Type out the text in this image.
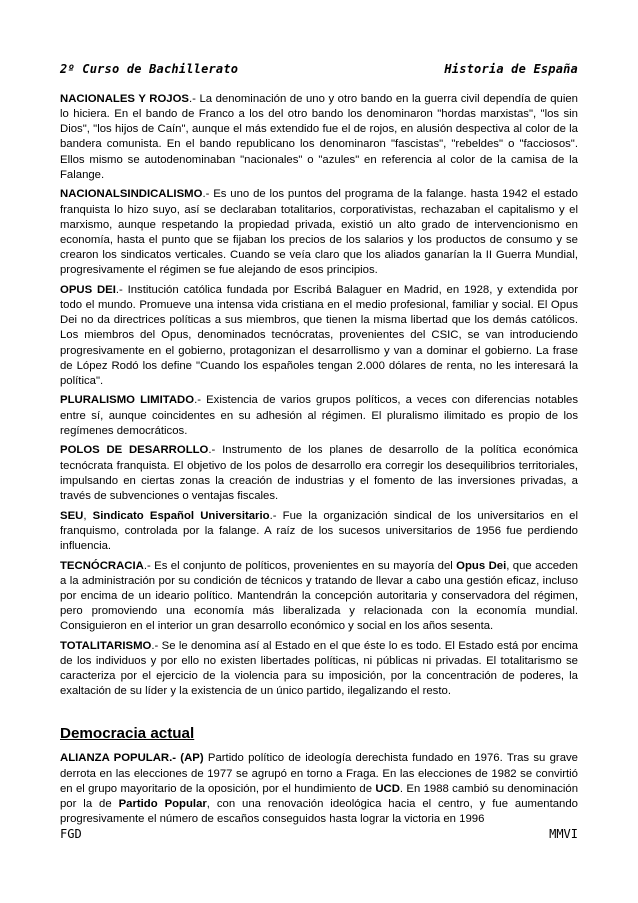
2º Curso de Bachillerato	Historia de España

NACIONALES Y ROJOS.- La denominación de uno y otro bando en la guerra civil dependía de quien lo hiciera. En el bando de Franco a los del otro bando los denominaron "hordas marxistas", "los sin Dios", "los hijos de Caín", aunque el más extendido fue el de rojos, en alusión despectiva al color de la bandera comunista. En el bando republicano los denominaron "fascistas", "rebeldes" o "facciosos". Ellos mismo se autodenominaban "nacionales" o "azules" en referencia al color de la camisa de la Falange.

NACIONALSINDICALISMO.- Es uno de los puntos del programa de la falange. hasta 1942 el estado franquista lo hizo suyo, así se declaraban totalitarios, corporativistas, rechazaban el capitalismo y el marxismo, aunque respetando la propiedad privada, existió un alto grado de intervencionismo en economía, hasta el punto que se fijaban los precios de los salarios y los productos de consumo y se crearon los sindicatos verticales. Cuando se veía claro que los aliados ganarían la II Guerra Mundial, progresivamente el régimen se fue alejando de esos principios.

OPUS DEI.- Institución católica fundada por Escribá Balaguer en Madrid, en 1928, y extendida por todo el mundo. Promueve una intensa vida cristiana en el medio profesional, familiar y social. El Opus Dei no da directrices políticas a sus miembros, que tienen la misma libertad que los demás católicos. Los miembros del Opus, denominados tecnócratas, provenientes del CSIC, se van introduciendo progresivamente en el gobierno, protagonizan el desarrollismo y van a dominar el gobierno. La frase de López Rodó los define "Cuando los españoles tengan 2.000 dólares de renta, no les interesará la política".

PLURALISMO LIMITADO.- Existencia de varios grupos políticos, a veces con diferencias notables entre sí, aunque coincidentes en su adhesión al régimen. El pluralismo ilimitado es propio de los regímenes democráticos.

POLOS DE DESARROLLO.- Instrumento de los planes de desarrollo de la política económica tecnócrata franquista. El objetivo de los polos de desarrollo era corregir los desequilibrios territoriales, impulsando en ciertas zonas la creación de industrias y el fomento de las inversiones privadas, a través de subvenciones o ventajas fiscales.

SEU, Sindicato Español Universitario.- Fue la organización sindical de los universitarios en el franquismo, controlada por la falange. A raíz de los sucesos universitarios de 1956 fue perdiendo influencia.

TECNÓCRACIA.- Es el conjunto de políticos, provenientes en su mayoría del Opus Dei, que acceden a la administración por su condición de técnicos y tratando de llevar a cabo una gestión eficaz, incluso por encima de un ideario político. Mantendrán la concepción autoritaria y conservadora del régimen, pero promoviendo una economía más liberalizada y relacionada con la economía mundial. Consiguieron en el interior un gran desarrollo económico y social en los años sesenta.

TOTALITARISMO.- Se le denomina así al Estado en el que éste lo es todo. El Estado está por encima de los individuos y por ello no existen libertades políticas, ni públicas ni privadas. El totalitarismo se caracteriza por el ejercicio de la violencia para su imposición, por la concentración de poderes, la exaltación de su líder y la existencia de un único partido, ilegalizando el resto.

Democracia actual

ALIANZA POPULAR.- (AP) Partido político de ideología derechista fundado en 1976. Tras su grave derrota en las elecciones de 1977 se agrupó en torno a Fraga. En las elecciones de 1982 se convirtió en el grupo mayoritario de la oposición, por el hundimiento de UCD. En 1988 cambió su denominación por la de Partido Popular, con una renovación ideológica hacia el centro, y fue aumentando progresivamente el número de escaños conseguidos hasta lograr la victoria en 1996

FGD	MMVI
